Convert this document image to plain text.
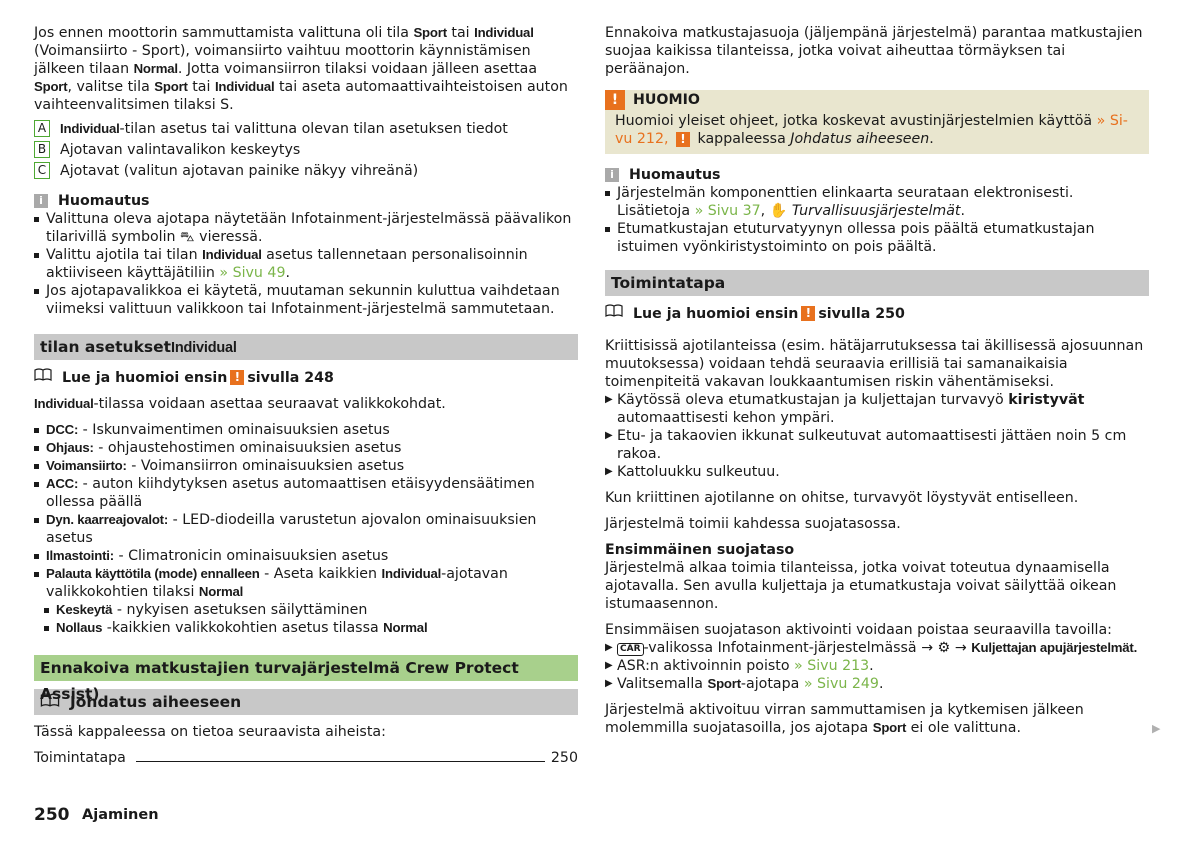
Jos ennen moottorin sammuttamista valittuna oli tila Sport tai Individual (Voimansiirto - Sport), voimansiirto vaihtuu moottorin käynnistämisen jälkeen tilaan Normal. Jotta voimansiirron tilaksi voidaan jälleen asettaa Sport, valitse tila Sport tai Individual tai aseta automaattivaihteistoisen auton vaihteenvalitsimen tilaksi S.

A Individual-tilan asetus tai valittuna olevan tilan asetuksen tiedot
B Ajotavan valintavalikon keskeytys
C Ajotavat (valitun ajotavan painike näkyy vihreänä)
i	Huomautus
Valittuna oleva ajotapa näytetään Infotainment-järjestelmässä päävalikon tilarivillä symbolin ⛍ vieressä.
Valittu ajotila tai tilan Individual asetus tallennetaan personalisoinnin aktiiviseen käyttäjätiliin » Sivu 49.
Jos ajotapavalikkoa ei käytetä, muutaman sekunnin kuluttua vaihdetaan viimeksi valittuun valikkoon tai Infotainment-järjestelmä sammutetaan.
tilan asetuksetIndividual
Lue ja huomioi ensin ! sivulla 248

Individual-tilassa voidaan asettaa seuraavat valikkokohdat.

DCC: - Iskunvaimentimen ominaisuuksien asetus
Ohjaus: - ohjaustehostimen ominaisuuksien asetus
Voimansiirto: - Voimansiirron ominaisuuksien asetus
ACC: - auton kiihdytyksen asetus automaattisen etäisyydensäätimen ollessa päällä
Dyn. kaarreajovalot: - LED-diodeilla varustetun ajovalon ominaisuuksien asetus
Ilmastointi: - Climatronicin ominaisuuksien asetus
Palauta käyttötila (mode) ennalleen - Aseta kaikkien Individual-ajotavan valikkokohtien tilaksi Normal
Keskeytä - nykyisen asetuksen säilyttäminen
Nollaus -kaikkien valikkokohtien asetus tilassa Normal
Ennakoiva matkustajien turvajärjestelmä Crew Protect
Johdatus aiheeseen

Tässä kappaleessa on tietoa seuraavista aiheista:

Toimintatapa	250

Ennakoiva matkustajasuoja (jäljempänä järjestelmä) parantaa matkustajien suojaa kaikissa tilanteissa, jotka voivat aiheuttaa törmäyksen tai peräänajon.

!	HUOMIO
Huomioi yleiset ohjeet, jotka koskevat avustinjärjestelmien käyttöä » Sivu 212, ! kappaleessa Johdatus aiheeseen.
i	Huomautus
Järjestelmän komponenttien elinkaarta seurataan elektronisesti. Lisätietoja » Sivu 37, ✋ Turvallisuusjärjestelmät.
Etumatkustajan etuturvatyynyn ollessa pois päältä etumatkustajan istuimen vyönkiristystoiminto on pois päältä.
Toimintatapa
Lue ja huomioi ensin ! sivulla 250

Kriittisissä ajotilanteissa (esim. hätäjarrutuksessa tai äkillisessä ajosuunnan muutoksessa) voidaan tehdä seuraavia erillisiä tai samanaikaisia toimenpiteitä vakavan loukkaantumisen riskin vähentämiseksi.

▶ Käytössä oleva etumatkustajan ja kuljettajan turvavyö kiristyvät automaattisesti kehon ympäri.
▶ Etu- ja takaovien ikkunat sulkeutuvat automaattisesti jättäen noin 5 cm rakoa.
▶ Kattoluukku sulkeutuu.

Kun kriittinen ajotilanne on ohitse, turvavyöt löystyvät entiselleen.

Järjestelmä toimii kahdessa suojatasossa.

Ensimmäinen suojataso

Järjestelmä alkaa toimia tilanteissa, jotka voivat toteutua dynaamisella ajotavalla. Sen avulla kuljettaja ja etumatkustaja voivat säilyttää oikean istumaasennon.

Ensimmäisen suojatason aktivointi voidaan poistaa seuraavilla tavoilla:

▶ CAR -valikossa Infotainment-järjestelmässä → ⚙ → Kuljettajan apujärjestelmät.
▶ ASR:n aktivoinnin poisto » Sivu 213.
▶ Valitsemalla Sport-ajotapa » Sivu 249.

Järjestelmä aktivoituu virran sammuttamisen ja kytkemisen jälkeen molemmilla suojatasoilla, jos ajotapa Sport ei ole valittuna.	▶
250 Ajaminen
